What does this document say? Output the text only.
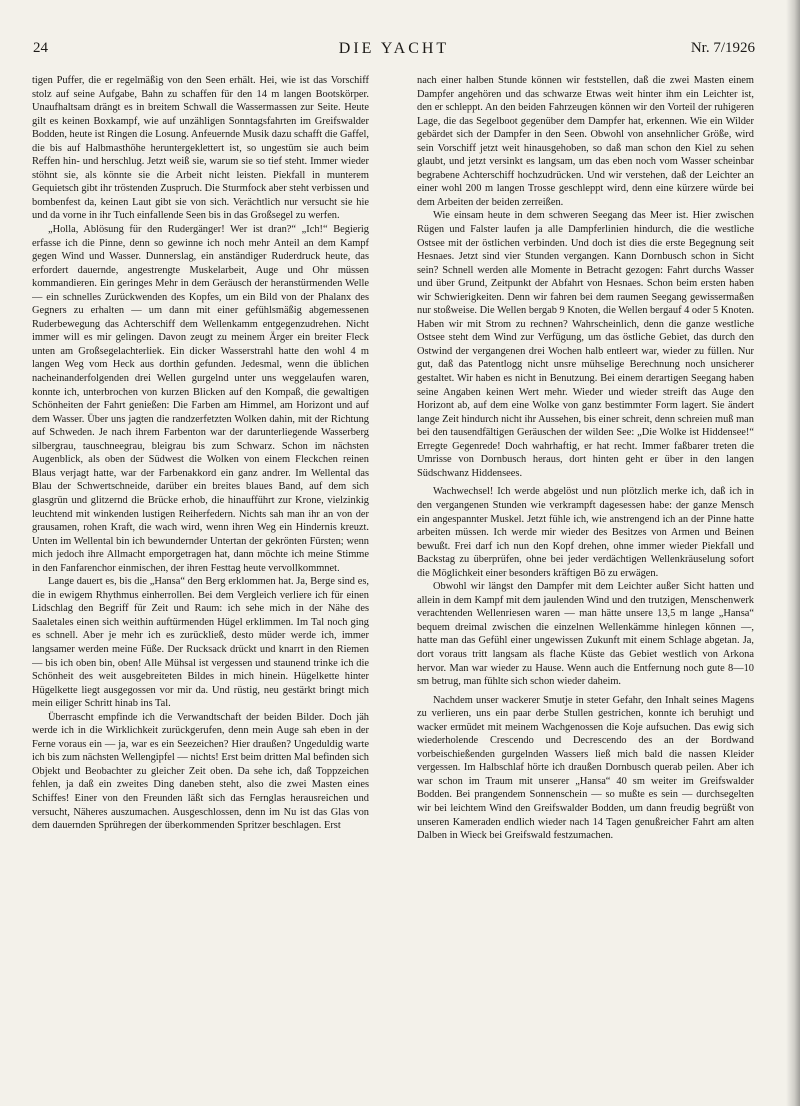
24	DIE YACHT	Nr. 7/1926

tigen Puffer, die er regelmäßig von den Seen erhält. Hei, wie ist das Vorschiff stolz auf seine Aufgabe, Bahn zu schaffen für den 14 m langen Bootskörper. Unaufhaltsam drängt es in breitem Schwall die Wassermassen zur Seite. Heute gilt es keinen Boxkampf, wie auf unzähligen Sonntagsfahrten im Greifswalder Bodden, heute ist Ringen die Losung. Anfeuernde Musik dazu schafft die Gaffel, die bis auf Halbmasthöhe heruntergeklettert ist, so ungestüm sie auch beim Reffen hin- und herschlug. Jetzt weiß sie, warum sie so tief steht. Immer wieder stöhnt sie, als könnte sie die Arbeit nicht leisten. Piekfall in munterem Gequietsch gibt ihr tröstenden Zuspruch. Die Sturmfock aber steht verbissen und bombenfest da, keinen Laut gibt sie von sich. Verächtlich nur versucht sie hie und da vorne in ihr Tuch einfallende Seen bis in das Großsegel zu werfen.

„Holla, Ablösung für den Rudergänger! Wer ist dran?“ „Ich!“ Begierig erfasse ich die Pinne, denn so gewinne ich noch mehr Anteil an dem Kampf gegen Wind und Wasser. Dunnerslag, ein anständiger Ruderdruck heute, das erfordert dauernde, angestrengte Muskelarbeit, Auge und Ohr müssen kommandieren. Ein geringes Mehr in dem Geräusch der heranstürmenden Welle — ein schnelles Zurückwenden des Kopfes, um ein Bild von der Phalanx des Gegners zu erhalten — um dann mit einer gefühlsmäßig abgemessenen Ruderbewegung das Achterschiff dem Wellenkamm entgegenzudrehen. Nicht immer will es mir gelingen. Davon zeugt zu meinem Ärger ein breiter Fleck unten am Großsegelachterliek. Ein dicker Wasserstrahl hatte den wohl 4 m langen Weg vom Heck aus dorthin gefunden. Jedesmal, wenn die üblichen nacheinanderfolgenden drei Wellen gurgelnd unter uns weggelaufen waren, konnte ich, unterbrochen von kurzen Blicken auf den Kompaß, die gewaltigen Schönheiten der Fahrt genießen: Die Farben am Himmel, am Horizont und auf dem Wasser. Über uns jagten die randzerfetzten Wolken dahin, mit der Richtung auf Schweden. Je nach ihrem Farbenton war der darunterliegende Wasserberg silbergrau, tauschneegrau, bleigrau bis zum Schwarz. Schon im nächsten Augenblick, als oben der Südwest die Wolken von einem Fleckchen reinen Blaus verjagt hatte, war der Farbenakkord ein ganz andrer. Im Wellental das Blau der Schwertschneide, darüber ein breites blaues Band, auf dem sich glasgrün und glitzernd die Brücke erhob, die hinaufführt zur Krone, vielzinkig leuchtend mit winkenden lustigen Reiherfedern. Nichts sah man ihr an von der grausamen, rohen Kraft, die wach wird, wenn ihren Weg ein Hindernis kreuzt. Unten im Wellental bin ich bewundernder Untertan der gekrönten Fürsten; wenn mich jedoch ihre Allmacht emporgetragen hat, dann möchte ich meine Stimme in den Fanfarenchor einmischen, der ihren Festtag heute vervollkommnet.

Lange dauert es, bis die „Hansa“ den Berg erklommen hat. Ja, Berge sind es, die in ewigem Rhythmus einherrollen. Bei dem Vergleich verliere ich für einen Lidschlag den Begriff für Zeit und Raum: ich sehe mich in der Nähe des Saaletales einen sich weithin auftürmenden Hügel erklimmen. Im Tal noch ging es schnell. Aber je mehr ich es zurückließ, desto müder werde ich, immer langsamer werden meine Füße. Der Rucksack drückt und knarrt in den Riemen — bis ich oben bin, oben! Alle Mühsal ist vergessen und staunend trinke ich die Schönheit des weit ausgebreiteten Bildes in mich hinein. Hügelkette hinter Hügelkette liegt ausgegossen vor mir da. Und rüstig, neu gestärkt bringt mich mein eiliger Schritt hinab ins Tal.

Überrascht empfinde ich die Verwandtschaft der beiden Bilder. Doch jäh werde ich in die Wirklichkeit zurückgerufen, denn mein Auge sah eben in der Ferne voraus ein — ja, war es ein Seezeichen? Hier draußen? Ungeduldig warte ich bis zum nächsten Wellengipfel — nichts! Erst beim dritten Mal befinden sich Objekt und Beobachter zu gleicher Zeit oben. Da sehe ich, daß Toppzeichen fehlen, ja daß ein zweites Ding daneben steht, also die zwei Masten eines Schiffes! Einer von den Freunden läßt sich das Fernglas herausreichen und versucht, Näheres auszumachen. Ausgeschlossen, denn im Nu ist das Glas von dem dauernden Sprühregen der überkommenden Spritzer beschlagen. Erst

nach einer halben Stunde können wir feststellen, daß die zwei Masten einem Dampfer angehören und das schwarze Etwas weit hinter ihm ein Leichter ist, den er schleppt. An den beiden Fahrzeugen können wir den Vorteil der ruhigeren Lage, die das Segelboot gegenüber dem Dampfer hat, erkennen. Wie ein Wilder gebärdet sich der Dampfer in den Seen. Obwohl von ansehnlicher Größe, wird sein Vorschiff jetzt weit hinausgehoben, so daß man schon den Kiel zu sehen glaubt, und jetzt versinkt es langsam, um das eben noch vom Wasser scheinbar begrabene Achterschiff hochzudrücken. Und wir verstehen, daß der Leichter an einer wohl 200 m langen Trosse geschleppt wird, denn eine kürzere würde bei dem Arbeiten der beiden zerreißen.

Wie einsam heute in dem schweren Seegang das Meer ist. Hier zwischen Rügen und Falster laufen ja alle Dampferlinien hindurch, die die westliche Ostsee mit der östlichen verbinden. Und doch ist dies die erste Begegnung seit Hesnaes. Jetzt sind vier Stunden vergangen. Kann Dornbusch schon in Sicht sein? Schnell werden alle Momente in Betracht gezogen: Fahrt durchs Wasser und über Grund, Zeitpunkt der Abfahrt von Hesnaes. Schon beim ersten haben wir Schwierigkeiten. Denn wir fahren bei dem raumen Seegang gewissermaßen nur stoßweise. Die Wellen bergab 9 Knoten, die Wellen bergauf 4 oder 5 Knoten. Haben wir mit Strom zu rechnen? Wahrscheinlich, denn die ganze westliche Ostsee steht dem Wind zur Verfügung, um das östliche Gebiet, das durch den Ostwind der vergangenen drei Wochen halb entleert war, wieder zu füllen. Nur gut, daß das Patentlogg nicht unsre mühselige Berechnung noch unsicherer gestaltet. Wir haben es nicht in Benutzung. Bei einem derartigen Seegang haben seine Angaben keinen Wert mehr. Wieder und wieder streift das Auge den Horizont ab, auf dem eine Wolke von ganz bestimmter Form lagert. Sie ändert lange Zeit hindurch nicht ihr Aussehen, bis einer schreit, denn schreien muß man bei den tausendfältigen Geräuschen der wilden See: „Die Wolke ist Hiddensee!“ Erregte Gegenrede! Doch wahrhaftig, er hat recht. Immer faßbarer treten die Umrisse von Dornbusch heraus, dort hinten geht er über in den langen Südschwanz Hiddensees.

Wachwechsel! Ich werde abgelöst und nun plötzlich merke ich, daß ich in den vergangenen Stunden wie verkrampft dagesessen habe: der ganze Mensch ein angespannter Muskel. Jetzt fühle ich, wie anstrengend ich an der Pinne hatte arbeiten müssen. Ich werde mir wieder des Besitzes von Armen und Beinen bewußt. Frei darf ich nun den Kopf drehen, ohne immer wieder Piekfall und Backstag zu überprüfen, ohne bei jeder verdächtigen Wellenkräuselung sofort die Möglichkeit einer besonders kräftigen Bö zu erwägen.

Obwohl wir längst den Dampfer mit dem Leichter außer Sicht hatten und allein in dem Kampf mit dem jaulenden Wind und den trutzigen, Menschenwerk verachtenden Wellenriesen waren — man hätte unsere 13,5 m lange „Hansa“ bequem dreimal zwischen die einzelnen Wellenkämme hinlegen können —, hatte man das Gefühl einer ungewissen Zukunft mit einem Schlage abgetan. Ja, dort voraus tritt langsam als flache Küste das Gebiet westlich von Arkona hervor. Man war wieder zu Hause. Wenn auch die Entfernung noch gute 8—10 sm betrug, man fühlte sich schon wieder daheim.

Nachdem unser wackerer Smutje in steter Gefahr, den Inhalt seines Magens zu verlieren, uns ein paar derbe Stullen gestrichen, konnte ich beruhigt und wacker ermüdet mit meinem Wachgenossen die Koje aufsuchen. Das ewig sich wiederholende Crescendo und Decrescendo des an der Bordwand vorbeischießenden gurgelnden Wassers ließ mich bald die nassen Kleider vergessen. Im Halbschlaf hörte ich draußen Dornbusch querab peilen. Aber ich war schon im Traum mit unserer „Hansa“ 40 sm weiter im Greifswalder Bodden. Bei prangendem Sonnenschein — so mußte es sein — durchsegelten wir bei leichtem Wind den Greifswalder Bodden, um dann freudig begrüßt von unseren Kameraden endlich wieder nach 14 Tagen genußreicher Fahrt am alten Dalben in Wieck bei Greifswald festzumachen.
